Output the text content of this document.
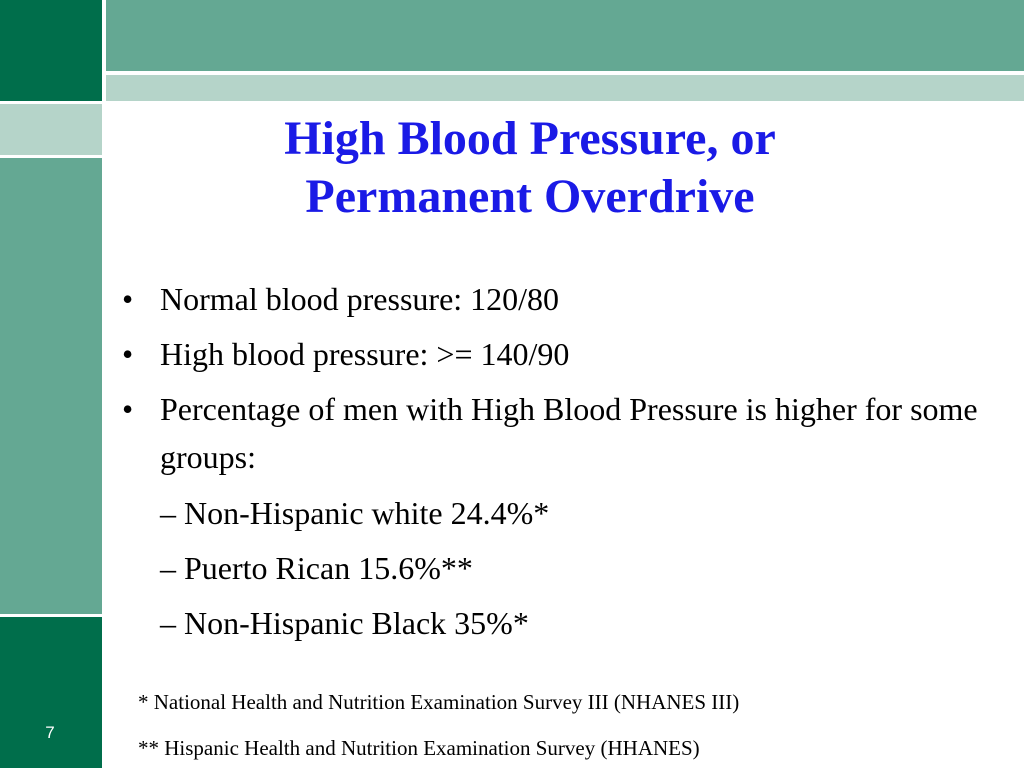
7
High Blood Pressure, or
Permanent Overdrive
• Normal blood pressure: 120/80
• High blood pressure: >= 140/90
• Percentage of men with High Blood Pressure is higher for some groups:
– Non-Hispanic white 24.4%*
– Puerto Rican 15.6%**
– Non-Hispanic Black 35%*

* National Health and Nutrition Examination Survey III (NHANES III)

** Hispanic Health and Nutrition Examination Survey (HHANES)
